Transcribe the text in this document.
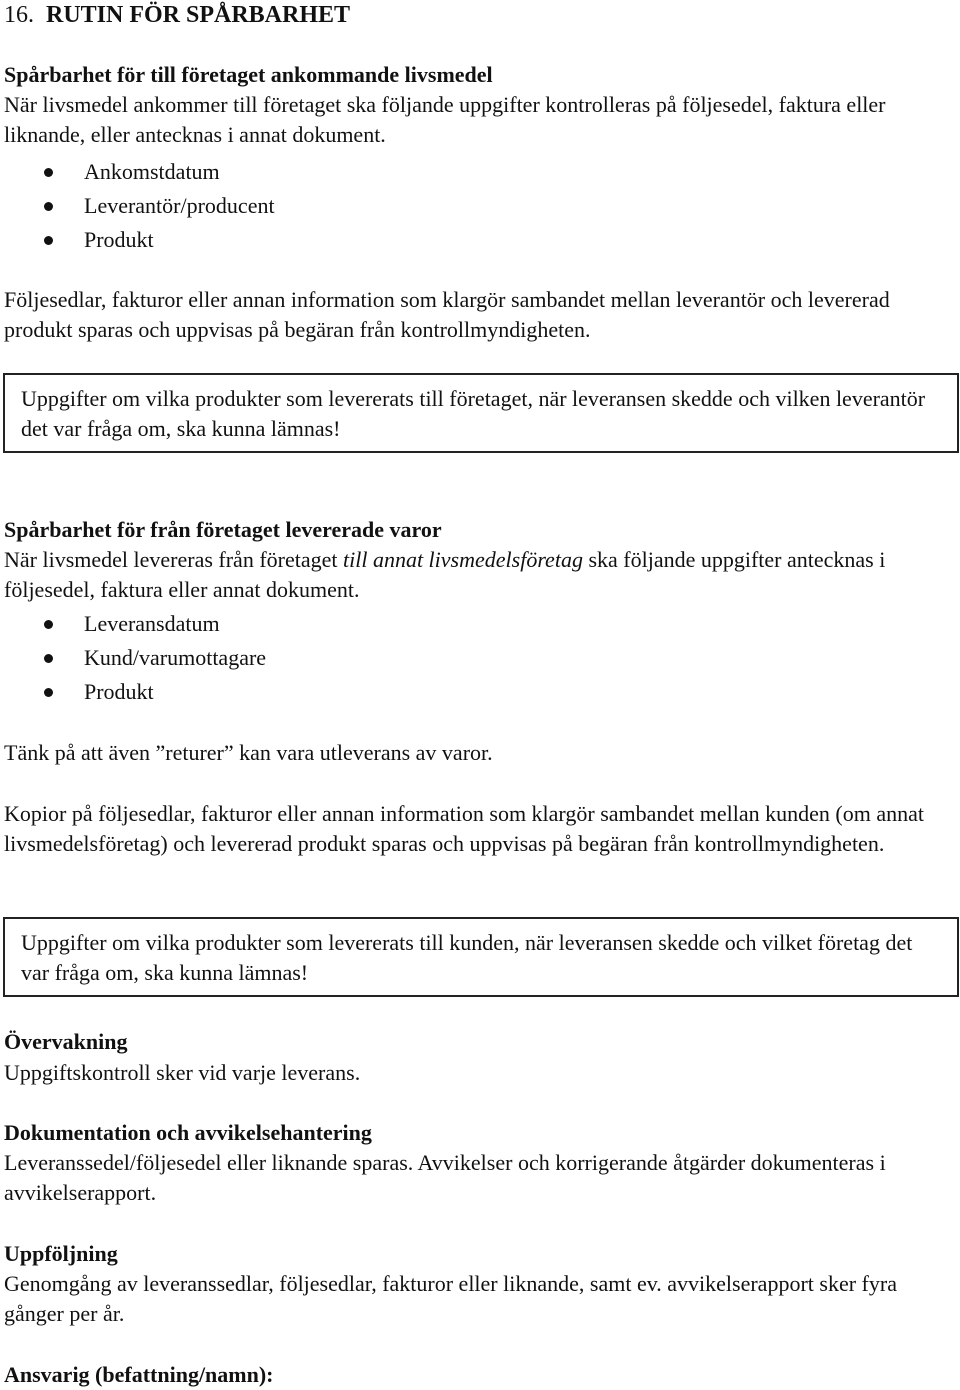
16. RUTIN FÖR SPÅRBARHET
Spårbarhet för till företaget ankommande livsmedel

När livsmedel ankommer till företaget ska följande uppgifter kontrolleras på följesedel, faktura eller liknande, eller antecknas i annat dokument.

Ankomstdatum
Leverantör/producent
Produkt

Följesedlar, fakturor eller annan information som klargör sambandet mellan leverantör och levererad produkt sparas och uppvisas på begäran från kontrollmyndigheten.

Uppgifter om vilka produkter som levererats till företaget, när leveransen skedde och vilken leverantör det var fråga om, ska kunna lämnas!
Spårbarhet för från företaget levererade varor

När livsmedel levereras från företaget till annat livsmedelsföretag ska följande uppgifter antecknas i följesedel, faktura eller annat dokument.

Leveransdatum
Kund/varumottagare
Produkt

Tänk på att även ”returer” kan vara utleverans av varor.

Kopior på följesedlar, fakturor eller annan information som klargör sambandet mellan kunden (om annat livsmedelsföretag) och levererad produkt sparas och uppvisas på begäran från kontrollmyndigheten.

Uppgifter om vilka produkter som levererats till kunden, när leveransen skedde och vilket företag det var fråga om, ska kunna lämnas!
Övervakning

Uppgiftskontroll sker vid varje leverans.

Dokumentation och avvikelsehantering

Leveranssedel/följesedel eller liknande sparas. Avvikelser och korrigerande åtgärder dokumenteras i avvikelserapport.

Uppföljning

Genomgång av leveranssedlar, följesedlar, fakturor eller liknande, samt ev. avvikelserapport sker fyra gånger per år.

Ansvarig (befattning/namn):
